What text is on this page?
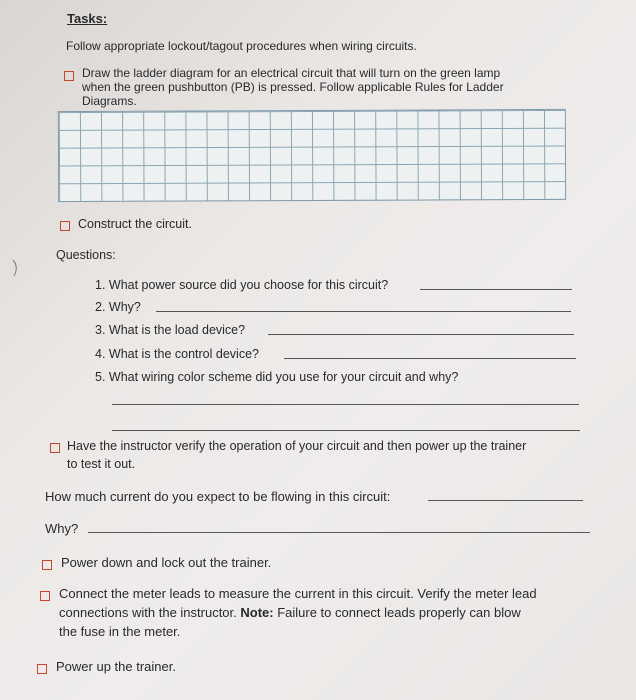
Tasks:
Follow appropriate lockout/tagout procedures when wiring circuits.
Draw the ladder diagram for an electrical circuit that will turn on the green lamp
when the green pushbutton (PB) is pressed. Follow applicable Rules for Ladder
Diagrams.
Construct the circuit.
Questions:
1. What power source did you choose for this circuit?
2. Why?
3. What is the load device?
4. What is the control device?
5. What wiring color scheme did you use for your circuit and why?
Have the instructor verify the operation of your circuit and then power up the trainer
to test it out.
How much current do you expect to be flowing in this circuit:
Why?
Power down and lock out the trainer.
Connect the meter leads to measure the current in this circuit. Verify the meter lead
connections with the instructor. Note: Failure to connect leads properly can blow
the fuse in the meter.
Power up the trainer.
